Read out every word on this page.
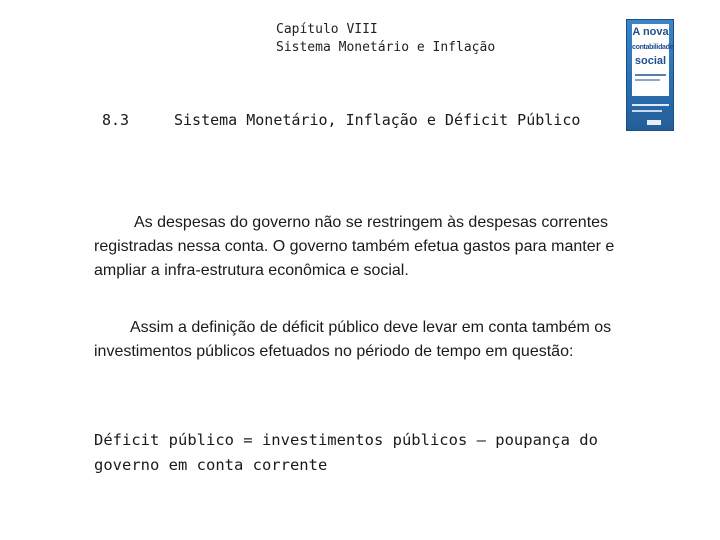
Capítulo VIII
Sistema Monetário e Inflação
A nova
contabilidade
social
8.3	Sistema Monetário, Inflação e Déficit Público
As despesas do governo não se restringem às despesas correntes registradas nessa conta. O governo também efetua gastos para manter e ampliar a infra-estrutura econômica e social.
Assim a definição de déficit público deve levar em conta também os investimentos públicos efetuados no périodo de tempo em questão:
Déficit público = investimentos públicos – poupança do
governo em conta corrente
